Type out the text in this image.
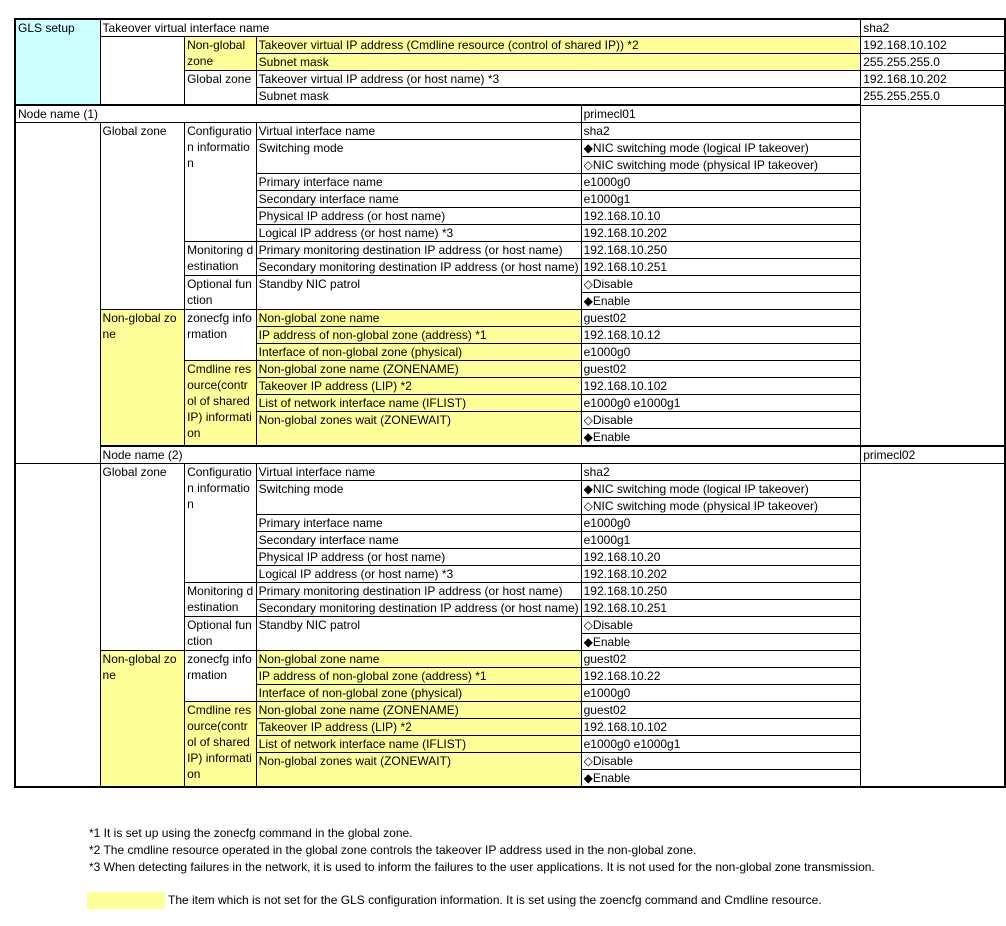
GLS setup	Takeover virtual interface name				sha2
		Non-global zone	Takeover virtual IP address (Cmdline resource (control of shared IP)) *2		192.168.10.102
			Subnet mask		255.255.255.0
		Global zone	Takeover virtual IP address (or host name) *3		192.168.10.202
			Subnet mask		255.255.255.0
Node name (1)				primecl01	
	Global zone	Configuration information	Virtual interface name	sha2	
			Switching mode	◆NIC switching mode (logical IP takeover)	
				◇NIC switching mode (physical IP takeover)	
			Primary interface name	e1000g0	
			Secondary interface name	e1000g1	
			Physical IP address (or host name)	192.168.10.10	
			Logical IP address (or host name) *3	192.168.10.202	
		Monitoring destination	Primary monitoring destination IP address (or host name)	192.168.10.250	
			Secondary monitoring destination IP address (or host name)	192.168.10.251	
		Optional function	Standby NIC patrol	◇Disable	
				◆Enable	
	Non-global zone	zonecfg information	Non-global zone name	guest02	
			IP address of non-global zone (address) *1	192.168.10.12	
			Interface of non-global zone (physical)	e1000g0	
		Cmdline resource(control of shared IP) information	Non-global zone name (ZONENAME)	guest02	
			Takeover IP address (LIP) *2	192.168.10.102	
			List of network interface name (IFLIST)	e1000g0 e1000g1	
			Non-global zones wait (ZONEWAIT)	◇Disable	
				◆Enable	
	Node name (2)				primecl02
	Global zone	Configuration information	Virtual interface name	sha2	
			Switching mode	◆NIC switching mode (logical IP takeover)	
				◇NIC switching mode (physical IP takeover)	
			Primary interface name	e1000g0	
			Secondary interface name	e1000g1	
			Physical IP address (or host name)	192.168.10.20	
			Logical IP address (or host name) *3	192.168.10.202	
		Monitoring destination	Primary monitoring destination IP address (or host name)	192.168.10.250	
			Secondary monitoring destination IP address (or host name)	192.168.10.251	
		Optional function	Standby NIC patrol	◇Disable	
				◆Enable	
	Non-global zone	zonecfg information	Non-global zone name	guest02	
			IP address of non-global zone (address) *1	192.168.10.22	
			Interface of non-global zone (physical)	e1000g0	
		Cmdline resource(control of shared IP) information	Non-global zone name (ZONENAME)	guest02	
			Takeover IP address (LIP) *2	192.168.10.102	
			List of network interface name (IFLIST)	e1000g0 e1000g1	
			Non-global zones wait (ZONEWAIT)	◇Disable	
				◆Enable	
*1 It is set up using the zonecfg command in the global zone.
*2 The cmdline resource operated in the global zone controls the takeover IP address used in the non-global zone.
*3 When detecting failures in the network, it is used to inform the failures to the user applications. It is not used for the non-global zone transmission.
The item which is not set for the GLS configuration information. It is set using the zoencfg command and Cmdline resource.
